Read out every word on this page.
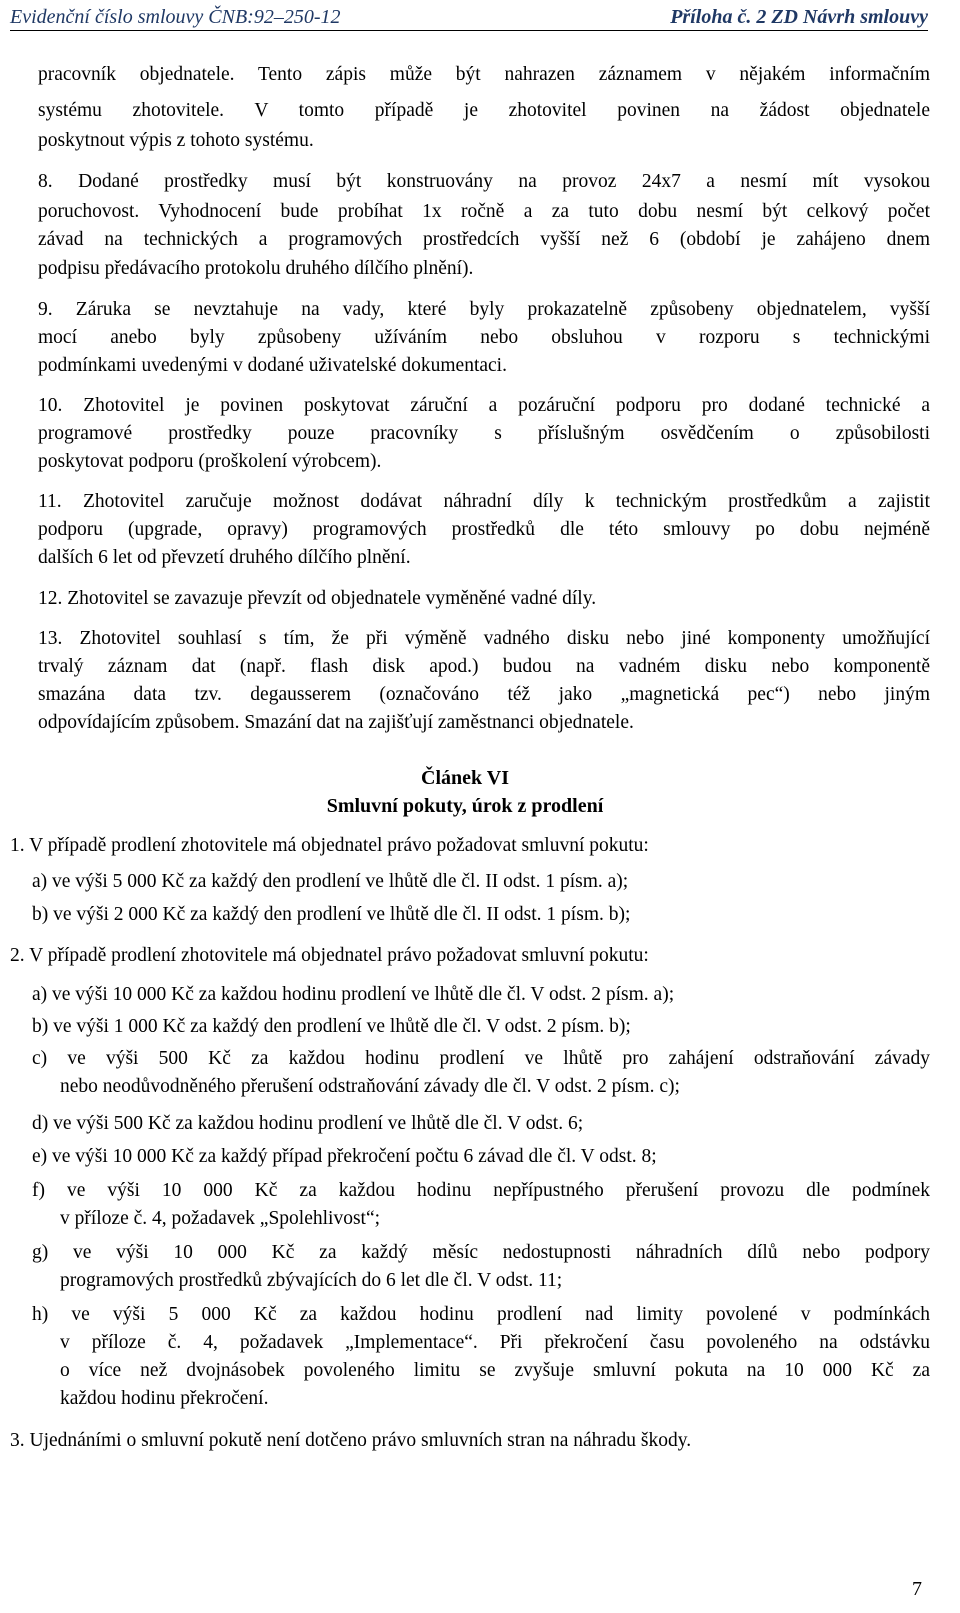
Evidenční číslo smlouvy ČNB:92–250-12	Příloha č. 2 ZD Návrh smlouvy
pracovník objednatele. Tento zápis může být nahrazen záznamem v nějakém informačním
systému zhotovitele. V tomto případě je zhotovitel povinen na žádost objednatele
poskytnout výpis z tohoto systému.
8. Dodané prostředky musí být konstruovány na provoz 24x7 a nesmí mít vysokou
poruchovost. Vyhodnocení bude probíhat 1x ročně a za tuto dobu nesmí být celkový počet
závad na technických a programových prostředcích vyšší než 6 (období je zahájeno dnem
podpisu předávacího protokolu druhého dílčího plnění).
9. Záruka se nevztahuje na vady, které byly prokazatelně způsobeny objednatelem, vyšší
mocí anebo byly způsobeny užíváním nebo obsluhou v rozporu s technickými
podmínkami uvedenými v dodané uživatelské dokumentaci.
10. Zhotovitel je povinen poskytovat záruční a pozáruční podporu pro dodané technické a
programové prostředky pouze pracovníky s příslušným osvědčením o způsobilosti
poskytovat podporu (proškolení výrobcem).
11. Zhotovitel zaručuje možnost dodávat náhradní díly k technickým prostředkům a zajistit
podporu (upgrade, opravy) programových prostředků dle této smlouvy po dobu nejméně
dalších 6 let od převzetí druhého dílčího plnění.
12. Zhotovitel se zavazuje převzít od objednatele vyměněné vadné díly.
13. Zhotovitel souhlasí s tím, že při výměně vadného disku nebo jiné komponenty umožňující
trvalý záznam dat (např. flash disk apod.) budou na vadném disku nebo komponentě
smazána data tzv. degausserem (označováno též jako „magnetická pec“) nebo jiným
odpovídajícím způsobem. Smazání dat na zajišťují zaměstnanci objednatele.
Článek VI
Smluvní pokuty, úrok z prodlení
1. V případě prodlení zhotovitele má objednatel právo požadovat smluvní pokutu:
a) ve výši 5 000 Kč za každý den prodlení ve lhůtě dle čl. II odst. 1 písm. a);
b) ve výši 2 000 Kč za každý den prodlení ve lhůtě dle čl. II odst. 1 písm. b);
2. V případě prodlení zhotovitele má objednatel právo požadovat smluvní pokutu:
a) ve výši 10 000 Kč za každou hodinu prodlení ve lhůtě dle čl. V odst. 2 písm. a);
b) ve výši 1 000 Kč za každý den prodlení ve lhůtě dle čl. V odst. 2 písm. b);
c) ve výši 500 Kč za každou hodinu prodlení ve lhůtě pro zahájení odstraňování závady
nebo neodůvodněného přerušení odstraňování závady dle čl. V odst. 2 písm. c);
d) ve výši 500 Kč za každou hodinu prodlení ve lhůtě dle čl. V odst. 6;
e) ve výši 10 000 Kč za každý případ překročení počtu 6 závad dle čl. V odst. 8;
f) ve výši 10 000 Kč za každou hodinu nepřípustného přerušení provozu dle podmínek
v příloze č. 4, požadavek „Spolehlivost“;
g) ve výši 10 000 Kč za každý měsíc nedostupnosti náhradních dílů nebo podpory
programových prostředků zbývajících do 6 let dle čl. V odst. 11;
h) ve výši 5 000 Kč za každou hodinu prodlení nad limity povolené v podmínkách
v příloze č. 4, požadavek „Implementace“. Při překročení času povoleného na odstávku
o více než dvojnásobek povoleného limitu se zvyšuje smluvní pokuta na 10 000 Kč za
každou hodinu překročení.
3. Ujednáními o smluvní pokutě není dotčeno právo smluvních stran na náhradu škody.
7
